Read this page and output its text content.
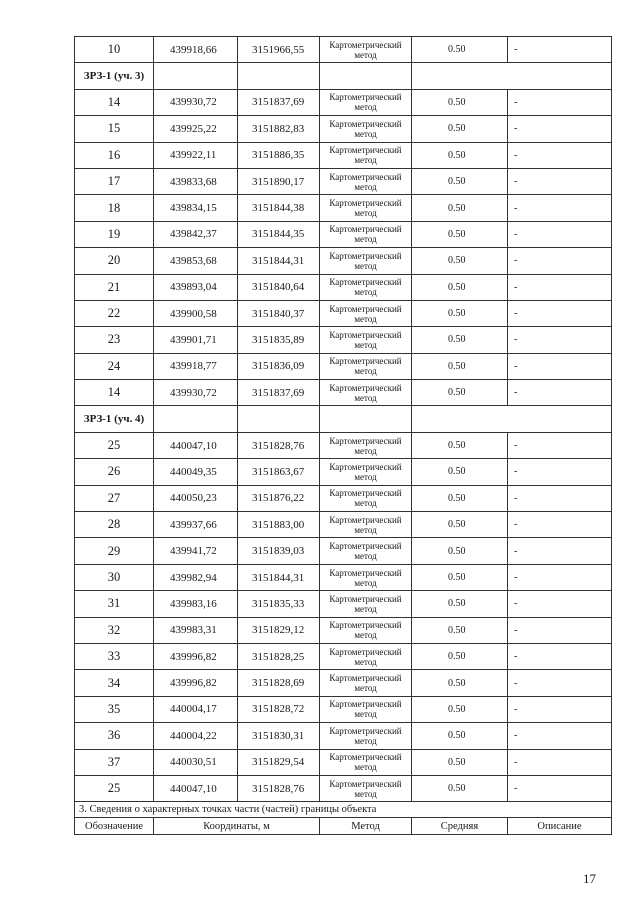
10	439918,66	3151966,55	Картометрический метод	0.50	-
ЗРЗ-1 (уч. 3)					
14	439930,72	3151837,69	Картометрический метод	0.50	-
15	439925,22	3151882,83	Картометрический метод	0.50	-
16	439922,11	3151886,35	Картометрический метод	0.50	-
17	439833,68	3151890,17	Картометрический метод	0.50	-
18	439834,15	3151844,38	Картометрический метод	0.50	-
19	439842,37	3151844,35	Картометрический метод	0.50	-
20	439853,68	3151844,31	Картометрический метод	0.50	-
21	439893,04	3151840,64	Картометрический метод	0.50	-
22	439900,58	3151840,37	Картометрический метод	0.50	-
23	439901,71	3151835,89	Картометрический метод	0.50	-
24	439918,77	3151836,09	Картометрический метод	0.50	-
14	439930,72	3151837,69	Картометрический метод	0.50	-
ЗРЗ-1 (уч. 4)					
25	440047,10	3151828,76	Картометрический метод	0.50	-
26	440049,35	3151863,67	Картометрический метод	0.50	-
27	440050,23	3151876,22	Картометрический метод	0.50	-
28	439937,66	3151883,00	Картометрический метод	0.50	-
29	439941,72	3151839,03	Картометрический метод	0.50	-
30	439982,94	3151844,31	Картометрический метод	0.50	-
31	439983,16	3151835,33	Картометрический метод	0.50	-
32	439983,31	3151829,12	Картометрический метод	0.50	-
33	439996,82	3151828,25	Картометрический метод	0.50	-
34	439996,82	3151828,69	Картометрический метод	0.50	-
35	440004,17	3151828,72	Картометрический метод	0.50	-
36	440004,22	3151830,31	Картометрический метод	0.50	-
37	440030,51	3151829,54	Картометрический метод	0.50	-
25	440047,10	3151828,76	Картометрический метод	0.50	-
3. Сведения о характерных точках части (частей) границы объекта					
Обозначение	Координаты, м		Метод	Средняя	Описание
17
